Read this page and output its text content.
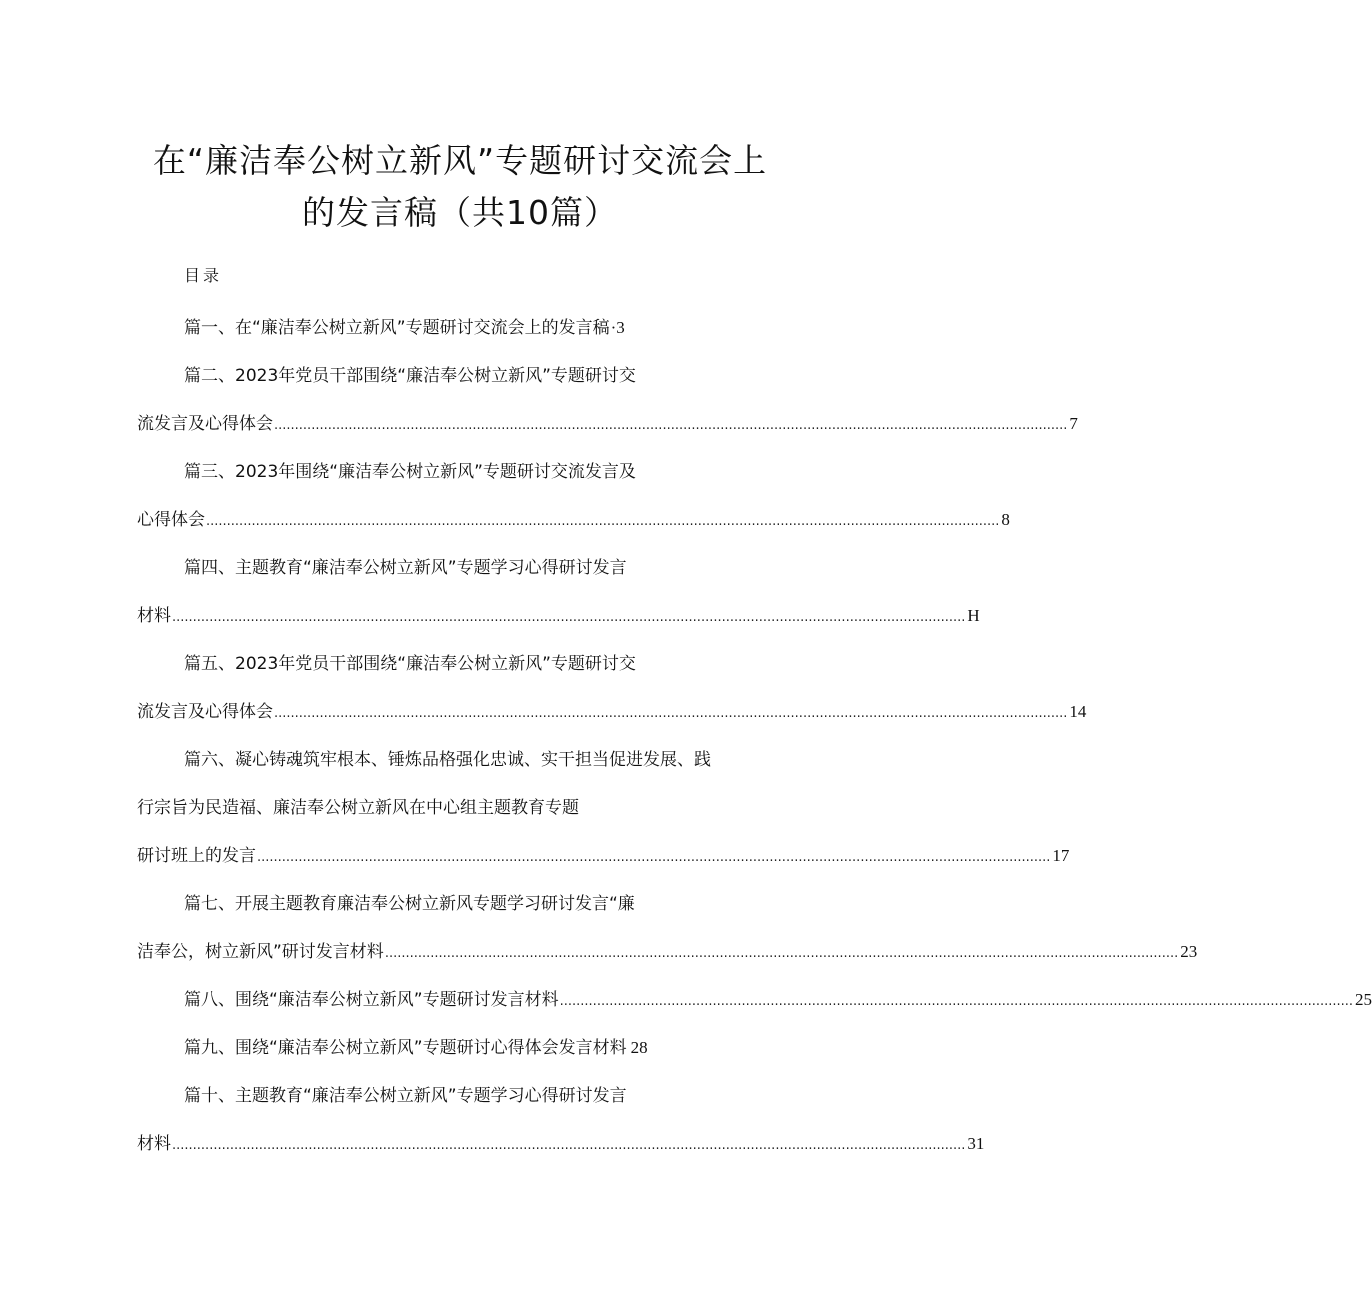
在“廉洁奉公树立新风”专题研讨交流会上
的发言稿（共10篇）
目录
篇一、在“廉洁奉公树立新风”专题研讨交流会上的发言稿 ·3
篇二、2023年党员干部围绕“廉洁奉公树立新风”专题研讨交
流发言及心得体会 ................................................................................................................................................................................................ 7
篇三、2023年围绕“廉洁奉公树立新风”专题研讨交流发言及
心得体会 ................................................................................................................................................................................................ 8
篇四、主题教育“廉洁奉公树立新风”专题学习心得研讨发言
材料 ................................................................................................................................................................................................ H
篇五、2023年党员干部围绕“廉洁奉公树立新风”专题研讨交
流发言及心得体会 ................................................................................................................................................................................................ 14
篇六、凝心铸魂筑牢根本、锤炼品格强化忠诚、实干担当促进发展、践
行宗旨为民造福、廉洁奉公树立新风在中心组主题教育专题
研讨班上的发言 ................................................................................................................................................................................................ 17
篇七、开展主题教育廉洁奉公树立新风专题学习研讨发言“廉
洁奉公，树立新风”研讨发言材料 ................................................................................................................................................................................................ 23
篇八、围绕“廉洁奉公树立新风”专题研讨发言材料 ................................................................................................................................................................................................ 25
篇九、围绕“廉洁奉公树立新风”专题研讨心得体会发言材料 28
篇十、主题教育“廉洁奉公树立新风”专题学习心得研讨发言
材料 ................................................................................................................................................................................................ 31
